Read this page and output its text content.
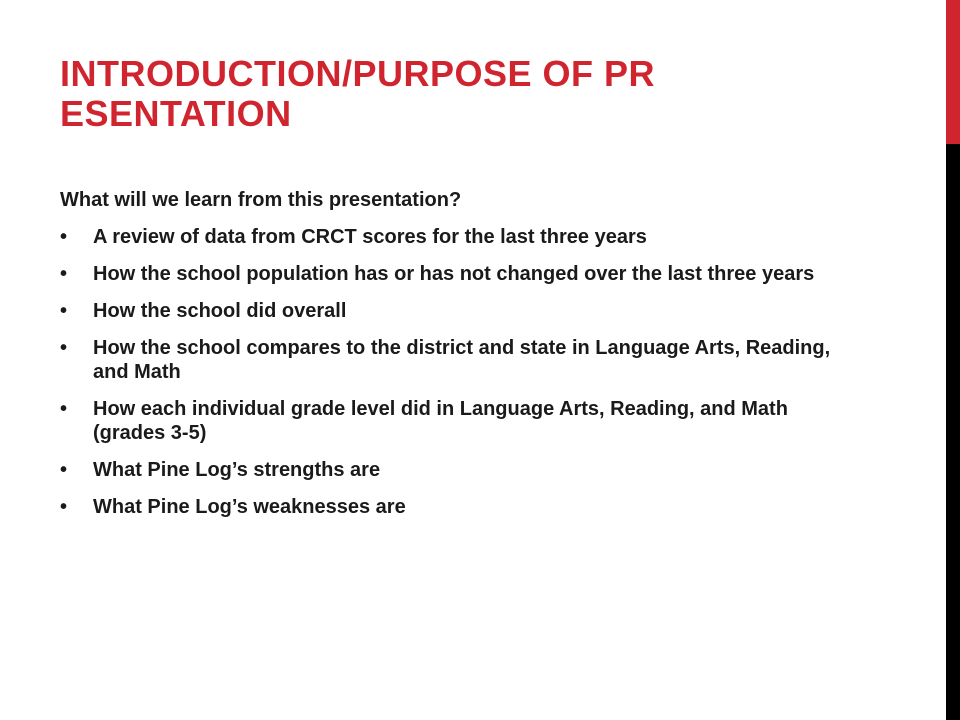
INTRODUCTION/PURPOSE OF PRESENTATION

What will we learn from this presentation?

• A review of data from CRCT scores for the last three years
• How the school population has or has not changed over the last three years
• How the school did overall
• How the school compares to the district and state in Language Arts, Reading, and Math
• How each individual grade level did in Language Arts, Reading, and Math (grades 3-5)
• What Pine Log’s strengths are
• What Pine Log’s weaknesses are
